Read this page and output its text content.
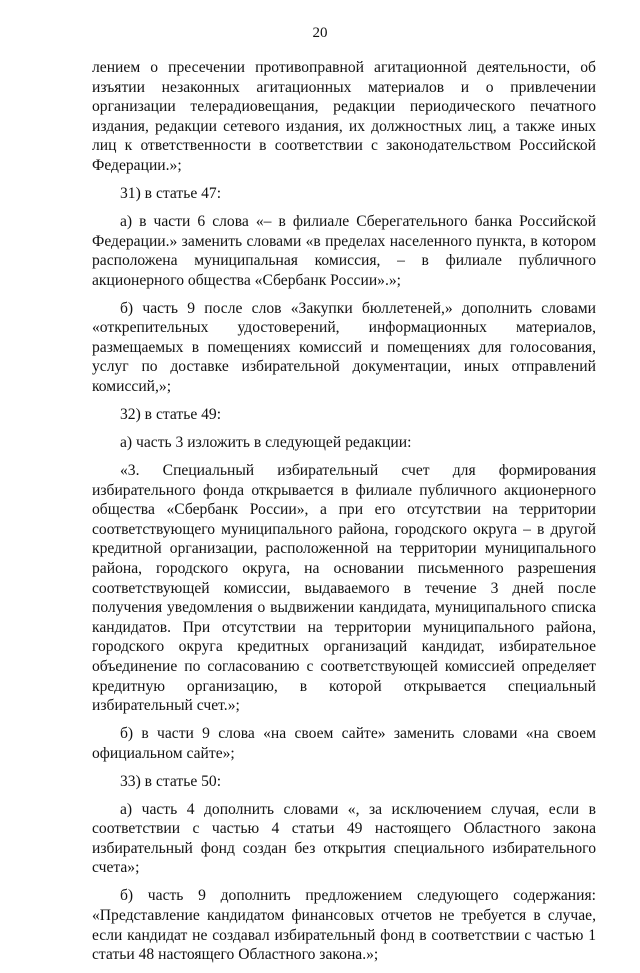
20

лением о пресечении противоправной агитационной деятельности, об изъятии незаконных агитационных материалов и о привлечении организации телерадиовещания, редакции периодического печатного издания, редакции сетевого издания, их должностных лиц, а также иных лиц к ответственности в соответствии с законодательством Российской Федерации.»;

31) в статье 47:

а) в части 6 слова «– в филиале Сберегательного банка Российской Федерации.» заменить словами «в пределах населенного пункта, в котором расположена муниципальная комиссия, – в филиале публичного акционерного общества «Сбербанк России».»;

б) часть 9 после слов «Закупки бюллетеней,» дополнить словами «открепительных удостоверений, информационных материалов, размещаемых в помещениях комиссий и помещениях для голосования, услуг по доставке избирательной документации, иных отправлений комиссий,»;

32) в статье 49:

а) часть 3 изложить в следующей редакции:

«3. Специальный избирательный счет для формирования избирательного фонда открывается в филиале публичного акционерного общества «Сбербанк России», а при его отсутствии на территории соответствующего муниципального района, городского округа – в другой кредитной организации, расположенной на территории муниципального района, городского округа, на основании письменного разрешения соответствующей комиссии, выдаваемого в течение 3 дней после получения уведомления о выдвижении кандидата, муниципального списка кандидатов. При отсутствии на территории муниципального района, городского округа кредитных организаций кандидат, избирательное объединение по согласованию с соответствующей комиссией определяет кредитную организацию, в которой открывается специальный избирательный счет.»;

б) в части 9 слова «на своем сайте» заменить словами «на своем официальном сайте»;

33) в статье 50:

а) часть 4 дополнить словами «, за исключением случая, если в соответствии с частью 4 статьи 49 настоящего Областного закона избирательный фонд создан без открытия специального избирательного счета»;

б) часть 9 дополнить предложением следующего содержания: «Представление кандидатом финансовых отчетов не требуется в случае, если кандидат не создавал избирательный фонд в соответствии с частью 1 статьи 48 настоящего Областного закона.»;
